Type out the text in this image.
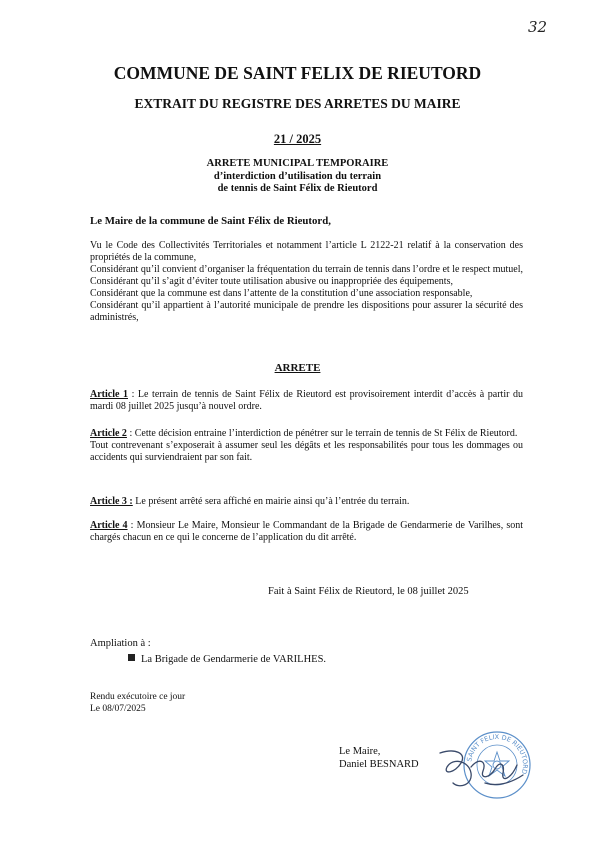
32
COMMUNE DE SAINT FELIX DE RIEUTORD
EXTRAIT DU REGISTRE DES ARRETES DU MAIRE
21 / 2025
ARRETE MUNICIPAL TEMPORAIRE
d’interdiction d’utilisation du terrain
de tennis de Saint Félix de Rieutord
Le Maire de la commune de Saint Félix de Rieutord,

Vu le Code des Collectivités Territoriales et notamment l’article L 2122-21 relatif à la conservation des propriétés de la commune,

Considérant qu’il convient d’organiser la fréquentation du terrain de tennis dans l’ordre et le respect mutuel,

Considérant qu’il s’agit d’éviter toute utilisation abusive ou inappropriée des équipements,

Considérant que la commune est dans l’attente de la constitution d’une association responsable,

Considérant qu’il appartient à l’autorité municipale de prendre les dispositions pour assurer la sécurité des administrés,

ARRETE

Article 1 : Le terrain de tennis de Saint Félix de Rieutord est provisoirement interdit d’accès à partir du mardi 08 juillet 2025 jusqu’à nouvel ordre.

Article 2 : Cette décision entraine l’interdiction de pénétrer sur le terrain de tennis de St Félix de Rieutord.

Tout contrevenant s’exposerait à assumer seul les dégâts et les responsabilités pour tous les dommages ou accidents qui surviendraient par son fait.

Article 3 : Le présent arrêté sera affiché en mairie ainsi qu’à l’entrée du terrain.

Article 4 : Monsieur Le Maire, Monsieur le Commandant de la Brigade de Gendarmerie de Varilhes, sont chargés chacun en ce qui le concerne de l’application du dit arrêté.

Fait à Saint Félix de Rieutord, le 08 juillet 2025
Ampliation à :
La Brigade de Gendarmerie de VARILHES.
Rendu exécutoire ce jour
Le 08/07/2025
Le Maire,
Daniel BESNARD	SAINT FELIX DE RIEUTORD
